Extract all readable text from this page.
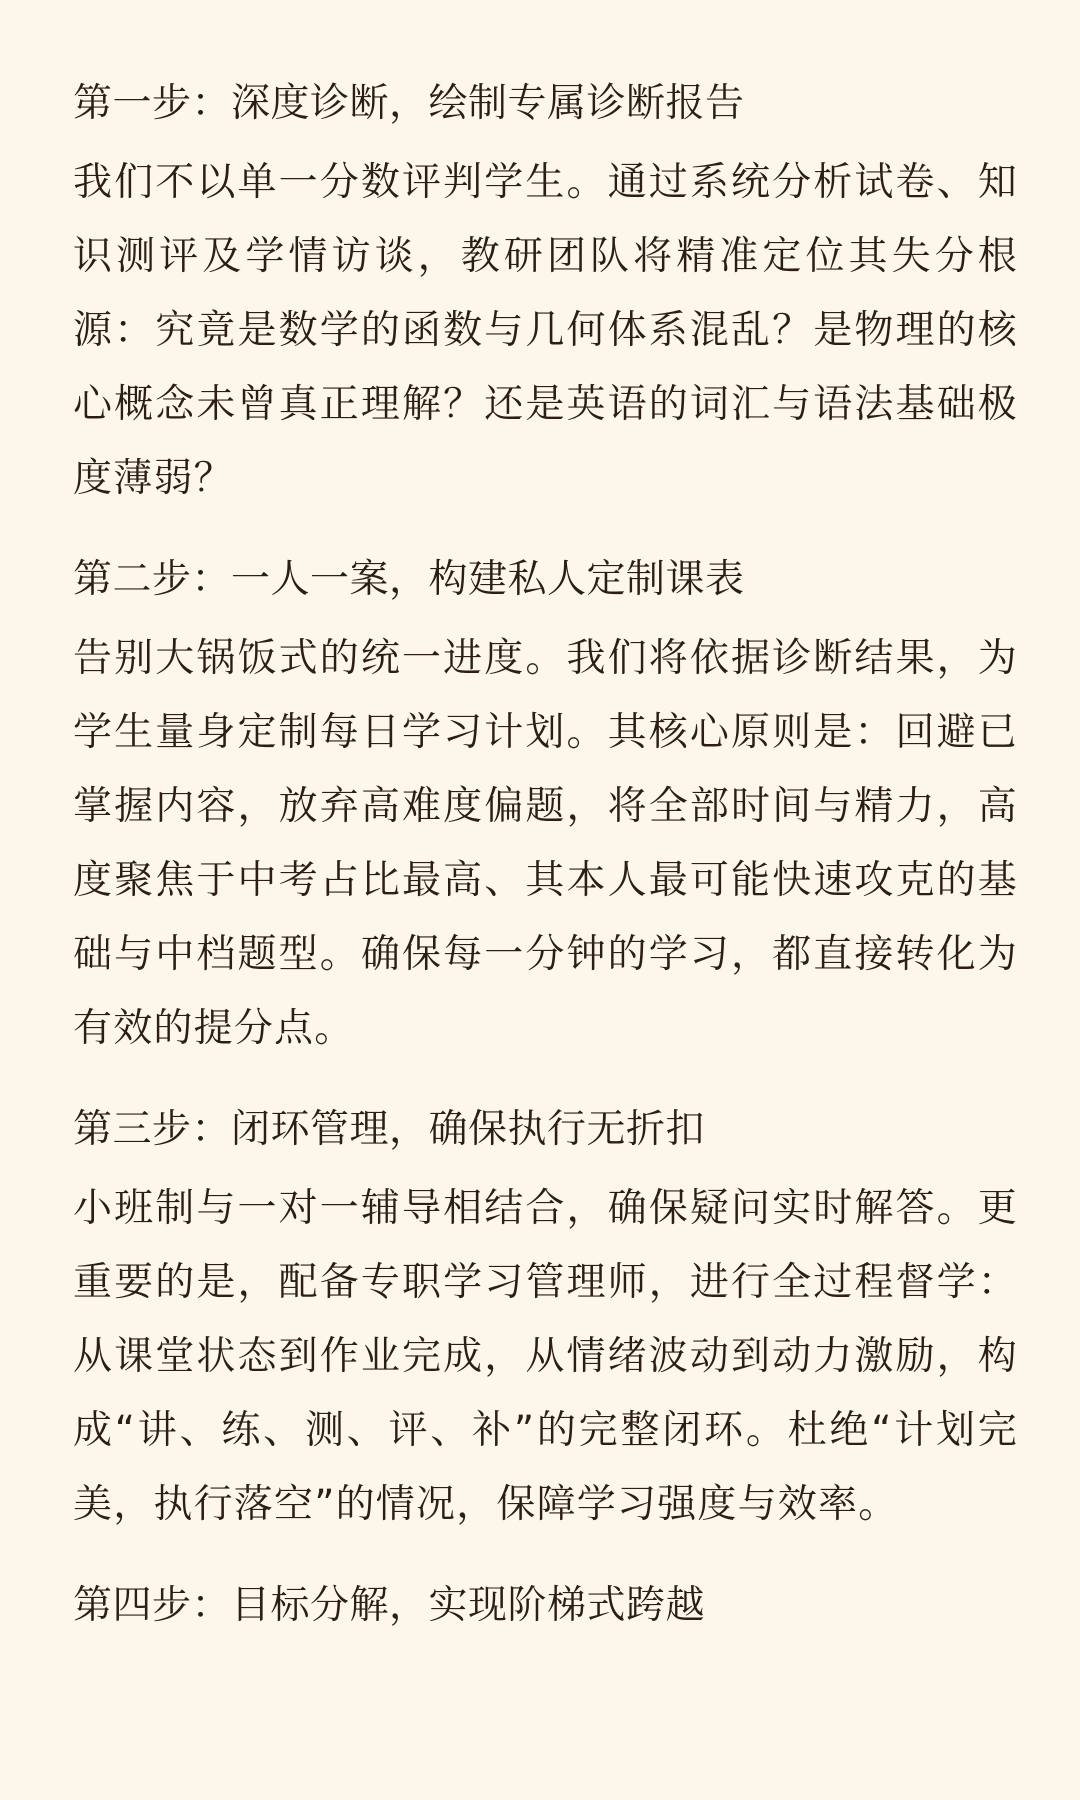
第一步：深度诊断，绘制专属诊断报告

我们不以单一分数评判学生。通过系统分析试卷、知识测评及学情访谈，教研团队将精准定位其失分根源：究竟是数学的函数与几何体系混乱？是物理的核心概念未曾真正理解？还是英语的词汇与语法基础极度薄弱？

第二步：一人一案，构建私人定制课表

告别大锅饭式的统一进度。我们将依据诊断结果，为学生量身定制每日学习计划。其核心原则是：回避已掌握内容，放弃高难度偏题，将全部时间与精力，高度聚焦于中考占比最高、其本人最可能快速攻克的基础与中档题型。确保每一分钟的学习，都直接转化为有效的提分点。

第三步：闭环管理，确保执行无折扣

小班制与一对一辅导相结合，确保疑问实时解答。更重要的是，配备专职学习管理师，进行全过程督学：从课堂状态到作业完成，从情绪波动到动力激励，构成“讲、练、测、评、补”的完整闭环。杜绝“计划完美，执行落空”的情况，保障学习强度与效率。

第四步：目标分解，实现阶梯式跨越
